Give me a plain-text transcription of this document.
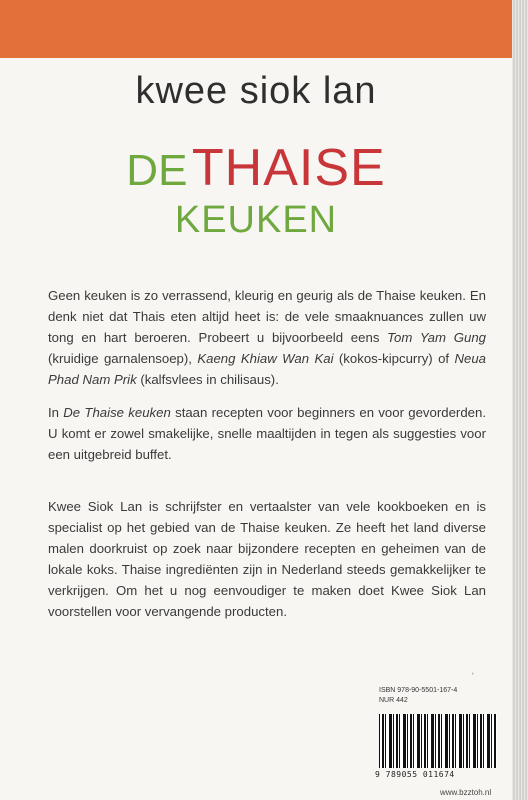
kwee siok lan
DE THAISE
KEUKEN
Geen keuken is zo verrassend, kleurig en geurig als de Thaise keuken. En denk niet dat Thais eten altijd heet is: de vele smaaknuances zullen uw tong en hart beroeren. Probeert u bijvoorbeeld eens Tom Yam Gung (kruidige garnalensoep), Kaeng Khiaw Wan Kai (kokos-kipcurry) of Neua Phad Nam Prik (kalfsvlees in chilisaus).
In De Thaise keuken staan recepten voor beginners en voor gevorderden. U komt er zowel smakelijke, snelle maaltijden in tegen als suggesties voor een uitgebreid buffet.
Kwee Siok Lan is schrijfster en vertaalster van vele kookboeken en is specialist op het gebied van de Thaise keuken. Ze heeft het land diverse malen doorkruist op zoek naar bijzondere recepten en geheimen van de lokale koks. Thaise ingrediënten zijn in Nederland steeds gemakkelijker te verkrijgen. Om het u nog eenvoudiger te maken doet Kwee Siok Lan voorstellen voor vervangende producten.
ʼ
ISBN 978-90-5501-167-4
NUR 442
9 789055 011674
www.bzztoh.nl
